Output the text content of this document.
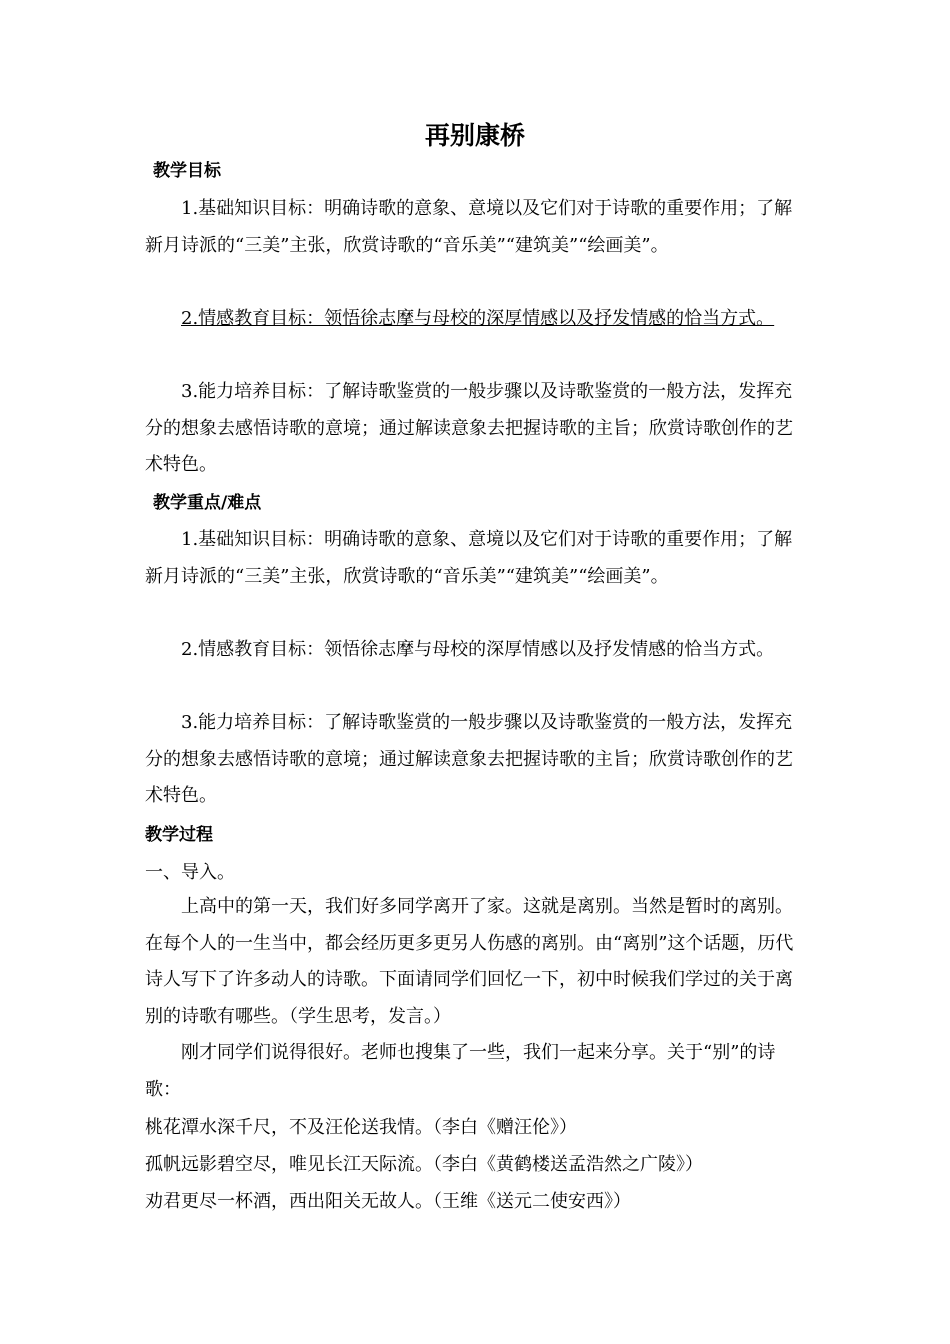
再别康桥
教学目标
1.基础知识目标：明确诗歌的意象、意境以及它们对于诗歌的重要作用；了解新月诗派的“三美”主张，欣赏诗歌的“音乐美”“建筑美”“绘画美”。
2.情感教育目标：领悟徐志摩与母校的深厚情感以及抒发情感的恰当方式。
3.能力培养目标：了解诗歌鉴赏的一般步骤以及诗歌鉴赏的一般方法，发挥充分的想象去感悟诗歌的意境；通过解读意象去把握诗歌的主旨；欣赏诗歌创作的艺术特色。
教学重点/难点
1.基础知识目标：明确诗歌的意象、意境以及它们对于诗歌的重要作用；了解新月诗派的“三美”主张，欣赏诗歌的“音乐美”“建筑美”“绘画美”。
2.情感教育目标：领悟徐志摩与母校的深厚情感以及抒发情感的恰当方式。
3.能力培养目标：了解诗歌鉴赏的一般步骤以及诗歌鉴赏的一般方法，发挥充分的想象去感悟诗歌的意境；通过解读意象去把握诗歌的主旨；欣赏诗歌创作的艺术特色。
教学过程
一、导入。
上高中的第一天，我们好多同学离开了家。这就是离别。当然是暂时的离别。在每个人的一生当中，都会经历更多更另人伤感的离别。由“离别”这个话题，历代诗人写下了许多动人的诗歌。下面请同学们回忆一下，初中时候我们学过的关于离别的诗歌有哪些。（学生思考，发言。）
刚才同学们说得很好。老师也搜集了一些，我们一起来分享。关于“别”的诗歌：
桃花潭水深千尺，不及汪伦送我情。（李白《赠汪伦》）
孤帆远影碧空尽，唯见长江天际流。（李白《黄鹤楼送孟浩然之广陵》）
劝君更尽一杯酒，西出阳关无故人。（王维《送元二使安西》）
